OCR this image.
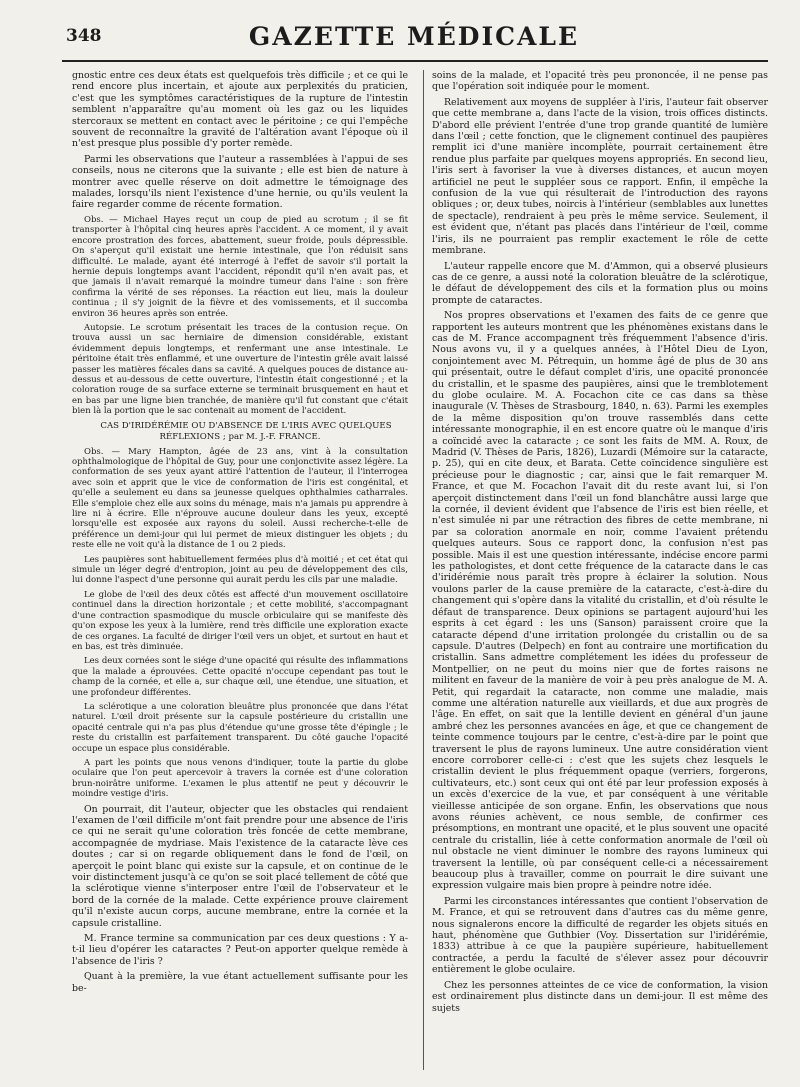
348	GAZETTE MÉDICALE

gnostic entre ces deux états est quelquefois très difficile ; et ce qui le rend encore plus incertain, et ajoute aux perplexités du praticien, c'est que les symptômes caractéristiques de la rupture de l'intestin semblent n'apparaître qu'au moment où les gaz ou les liquides stercoraux se mettent en contact avec le péritoine ; ce qui l'empêche souvent de reconnaître la gravité de l'altération avant l'époque où il n'est presque plus possible d'y porter remède.

Parmi les observations que l'auteur a rassemblées à l'appui de ses conseils, nous ne citerons que la suivante ; elle est bien de nature à montrer avec quelle réserve on doit admettre le témoignage des malades, lorsqu'ils nient l'existence d'une hernie, ou qu'ils veulent la faire regarder comme de récente formation.

Obs. — Michael Hayes reçut un coup de pied au scrotum ; il se fit transporter à l'hôpital cinq heures après l'accident. A ce moment, il y avait encore prostration des forces, abattement, sueur froide, pouls dépressible. On s'aperçut qu'il existait une hernie intestinale, que l'on réduisit sans difficulté. Le malade, ayant été interrogé à l'effet de savoir s'il portait la hernie depuis longtemps avant l'accident, répondit qu'il n'en avait pas, et que jamais il n'avait remarqué la moindre tumeur dans l'aine : son frère confirma la vérité de ses réponses. La réaction eut lieu, mais la douleur continua ; il s'y joignit de la fièvre et des vomissements, et il succomba environ 36 heures après son entrée.

Autopsie. Le scrotum présentait les traces de la contusion reçue. On trouva aussi un sac herniaire de dimension considérable, existant évidemment depuis longtemps, et renfermant une anse intestinale. Le péritoine était très enflammé, et une ouverture de l'intestin grêle avait laissé passer les matières fécales dans sa cavité. A quelques pouces de distance au-dessus et au-dessous de cette ouverture, l'intestin était congestionné ; et la coloration rouge de sa surface externe se terminait brusquement en haut et en bas par une ligne bien tranchée, de manière qu'il fut constant que c'était bien là la portion que le sac contenait au moment de l'accident.

CAS D'IRIDÉRÉMIE OU D'ABSENCE DE L'IRIS AVEC QUELQUES RÉFLEXIONS ; par M. J.-F. FRANCE.

Obs. — Mary Hampton, âgée de 23 ans, vint à la consultation ophthalmologique de l'hôpital de Guy, pour une conjonctivite assez légère. La conformation de ses yeux ayant attiré l'attention de l'auteur, il l'interrogea avec soin et apprit que le vice de conformation de l'iris est congénital, et qu'elle a seulement eu dans sa jeunesse quelques ophthalmies catharrales. Elle s'emploie chez elle aux soins du ménage, mais n'a jamais pu apprendre à lire ni à écrire. Elle n'éprouve aucune douleur dans les yeux, excepté lorsqu'elle est exposée aux rayons du soleil. Aussi recherche-t-elle de préférence un demi-jour qui lui permet de mieux distinguer les objets ; du reste elle ne voit qu'à la distance de 1 ou 2 pieds.

Les paupières sont habituellement fermées plus d'à moitié ; et cet état qui simule un léger degré d'entropion, joint au peu de développement des cils, lui donne l'aspect d'une personne qui aurait perdu les cils par une maladie.

Le globe de l'œil des deux côtés est affecté d'un mouvement oscillatoire continuel dans la direction horizontale ; et cette mobilité, s'accompagnant d'une contraction spasmodique du muscle orbiculaire qui se manifeste dès qu'on expose les yeux à la lumière, rend très difficile une exploration exacte de ces organes. La faculté de diriger l'œil vers un objet, et surtout en haut et en bas, est très diminuée.

Les deux cornées sont le siége d'une opacité qui résulte des inflammations que la malade a éprouvées. Cette opacité n'occupe cependant pas tout le champ de la cornée, et elle a, sur chaque œil, une étendue, une situation, et une profondeur différentes.

La sclérotique a une coloration bleuâtre plus prononcée que dans l'état naturel. L'œil droit présente sur la capsule postérieure du cristallin une opacité centrale qui n'a pas plus d'étendue qu'une grosse tête d'épingle ; le reste du cristallin est parfaitement transparent. Du côté gauche l'opacité occupe un espace plus considérable.

A part les points que nous venons d'indiquer, toute la partie du globe oculaire que l'on peut apercevoir à travers la cornée est d'une coloration brun-noirâtre uniforme. L'examen le plus attentif ne peut y découvrir le moindre vestige d'iris.

On pourrait, dit l'auteur, objecter que les obstacles qui rendaient l'examen de l'œil difficile m'ont fait prendre pour une absence de l'iris ce qui ne serait qu'une coloration très foncée de cette membrane, accompagnée de mydriase. Mais l'existence de la cataracte lève ces doutes ; car si on regarde obliquement dans le fond de l'œil, on aperçoit le point blanc qui existe sur la capsule, et on continue de le voir distinctement jusqu'à ce qu'on se soit placé tellement de côté que la sclérotique vienne s'interposer entre l'œil de l'observateur et le bord de la cornée de la malade. Cette expérience prouve clairement qu'il n'existe aucun corps, aucune membrane, entre la cornée et la capsule cristalline.

M. France termine sa communication par ces deux questions : Y a-t-il lieu d'opérer les cataractes ? Peut-on apporter quelque remède à l'absence de l'iris ?

Quant à la première, la vue étant actuellement suffisante pour les be-

soins de la malade, et l'opacité très peu prononcée, il ne pense pas que l'opération soit indiquée pour le moment.

Relativement aux moyens de suppléer à l'iris, l'auteur fait observer que cette membrane a, dans l'acte de la vision, trois offices distincts. D'abord elle prévient l'entrée d'une trop grande quantité de lumière dans l'œil ; cette fonction, que le clignement continuel des paupières remplit ici d'une manière incomplète, pourrait certainement être rendue plus parfaite par quelques moyens appropriés. En second lieu, l'iris sert à favoriser la vue à diverses distances, et aucun moyen artificiel ne peut le suppléer sous ce rapport. Enfin, il empêche la confusion de la vue qui résulterait de l'introduction des rayons obliques ; or, deux tubes, noircis à l'intérieur (semblables aux lunettes de spectacle), rendraient à peu près le même service. Seulement, il est évident que, n'étant pas placés dans l'intérieur de l'œil, comme l'iris, ils ne pourraient pas remplir exactement le rôle de cette membrane.

L'auteur rappelle encore que M. d'Ammon, qui a observé plusieurs cas de ce genre, a aussi noté la coloration bleuâtre de la sclérotique, le défaut de développement des cils et la formation plus ou moins prompte de cataractes.

Nos propres observations et l'examen des faits de ce genre que rapportent les auteurs montrent que les phénomènes existans dans le cas de M. France accompagnent très fréquemment l'absence d'iris. Nous avons vu, il y a quelques années, à l'Hôtel Dieu de Lyon, conjointement avec M. Pétrequin, un homme âgé de plus de 30 ans qui présentait, outre le défaut complet d'iris, une opacité prononcée du cristallin, et le spasme des paupières, ainsi que le tremblotement du globe oculaire. M. A. Focachon cite ce cas dans sa thèse inaugurale (V. Thèses de Strasbourg, 1840, n. 63). Parmi les exemples de la même disposition qu'on trouve rassemblés dans cette intéressante monographie, il en est encore quatre où le manque d'iris a coïncidé avec la cataracte ; ce sont les faits de MM. A. Roux, de Madrid (V. Thèses de Paris, 1826), Luzardi (Mémoire sur la cataracte, p. 25), qui en cite deux, et Barata. Cette coïncidence singulière est précieuse pour le diagnostic ; car, ainsi que le fait remarquer M. France, et que M. Focachon l'avait dit du reste avant lui, si l'on aperçoit distinctement dans l'œil un fond blanchâtre aussi large que la cornée, il devient évident que l'absence de l'iris est bien réelle, et n'est simulée ni par une rétraction des fibres de cette membrane, ni par sa coloration anormale en noir, comme l'avaient prétendu quelques auteurs. Sous ce rapport donc, la confusion n'est pas possible. Mais il est une question intéressante, indécise encore parmi les pathologistes, et dont cette fréquence de la cataracte dans le cas d'iridérémie nous paraît très propre à éclairer la solution. Nous voulons parler de la cause première de la cataracte, c'est-à-dire du changement qui s'opère dans la vitalité du cristallin, et d'où résulte le défaut de transparence. Deux opinions se partagent aujourd'hui les esprits à cet égard : les uns (Sanson) paraissent croire que la cataracte dépend d'une irritation prolongée du cristallin ou de sa capsule. D'autres (Delpech) en font au contraire une mortification du cristallin. Sans admettre complétement les idées du professeur de Montpellier, on ne peut du moins nier que de fortes raisons ne militent en faveur de la manière de voir à peu près analogue de M. A. Petit, qui regardait la cataracte, non comme une maladie, mais comme une altération naturelle aux vieillards, et due aux progrès de l'âge. En effet, on sait que la lentille devient en général d'un jaune ambré chez les personnes avancées en âge, et que ce changement de teinte commence toujours par le centre, c'est-à-dire par le point que traversent le plus de rayons lumineux. Une autre considération vient encore corroborer celle-ci : c'est que les sujets chez lesquels le cristallin devient le plus fréquemment opaque (verriers, forgerons, cultivateurs, etc.) sont ceux qui ont été par leur profession exposés à un excès d'exercice de la vue, et par conséquent à une véritable vieillesse anticipée de son organe. Enfin, les observations que nous avons réunies achèvent, ce nous semble, de confirmer ces présomptions, en montrant une opacité, et le plus souvent une opacité centrale du cristallin, liée à cette conformation anormale de l'œil où nul obstacle ne vient diminuer le nombre des rayons lumineux qui traversent la lentille, où par conséquent celle-ci a nécessairement beaucoup plus à travailler, comme on pourrait le dire suivant une expression vulgaire mais bien propre à peindre notre idée.

Parmi les circonstances intéressantes que contient l'observation de M. France, et qui se retrouvent dans d'autres cas du même genre, nous signalerons encore la difficulté de regarder les objets situés en haut, phénomène que Guthbier (Voy. Dissertation sur l'iridérémie, 1833) attribue à ce que la paupière supérieure, habituellement contractée, a perdu la faculté de s'élever assez pour découvrir entièrement le globe oculaire.

Chez les personnes atteintes de ce vice de conformation, la vision est ordinairement plus distincte dans un demi-jour. Il est même des sujets
